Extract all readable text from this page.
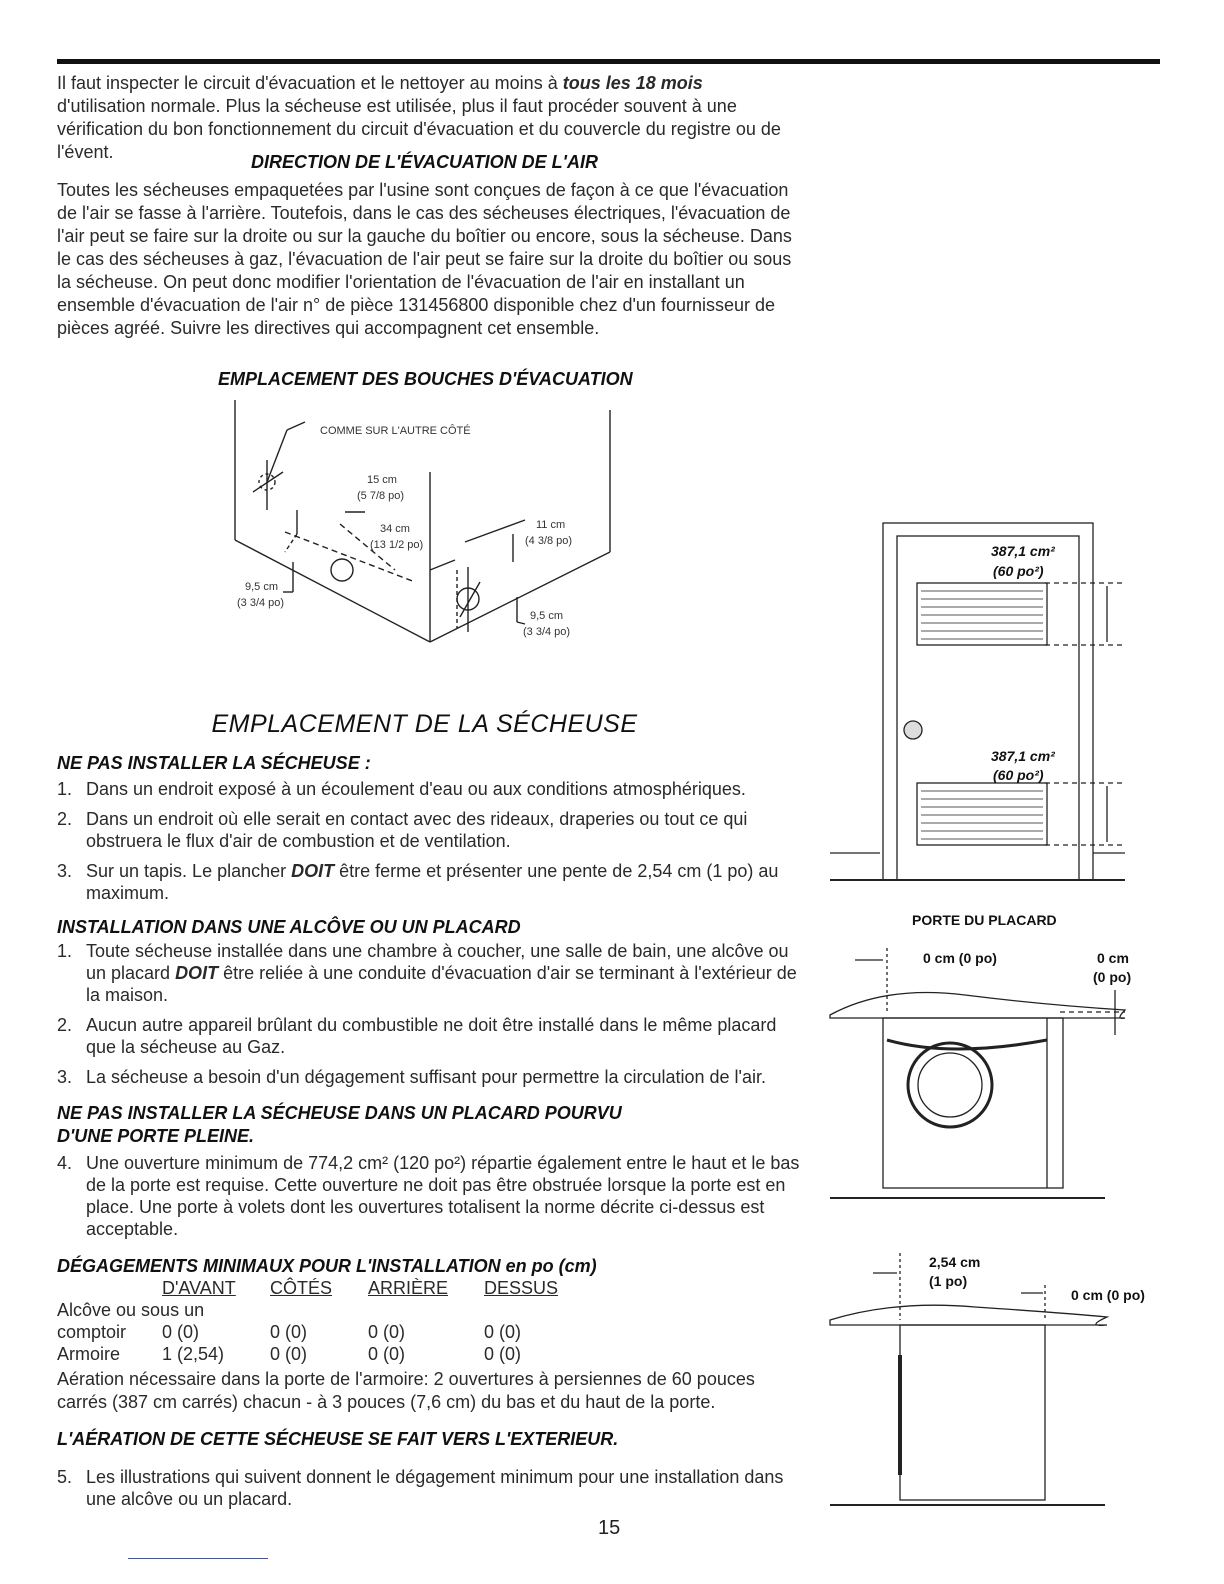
Il faut inspecter le circuit d'évacuation et le nettoyer au moins à tous les 18 mois d'utilisation normale. Plus la sécheuse est utilisée, plus il faut procéder souvent à une vérification du bon fonctionnement du circuit d'évacuation et du couvercle du registre ou de l'évent.	DIRECTION DE L'ÉVACUATION DE L'AIR
Toutes les sécheuses empaquetées par l'usine sont conçues de façon à ce que l'évacuation de l'air se fasse à l'arrière. Toutefois, dans le cas des sécheuses électriques, l'évacuation de l'air peut se faire sur la droite ou sur la gauche du boîtier ou encore, sous la sécheuse. Dans le cas des sécheuses à gaz, l'évacuation de l'air peut se faire sur la droite du boîtier ou sous la sécheuse. On peut donc modifier l'orientation de l'évacuation de l'air en installant un ensemble d'évacuation de l'air n° de pièce 131456800 disponible chez d'un fournisseur de pièces agréé. Suivre les directives qui accompagnent cet ensemble.
EMPLACEMENT DES BOUCHES D'ÉVACUATION
COMME SUR L'AUTRE CÔTÉ
15 cm
(5 7/8 po)
34 cm
(13 1/2 po)
11 cm
(4 3/8 po)
9,5 cm
(3 3/4 po)
9,5 cm
(3 3/4 po)
EMPLACEMENT DE LA SÉCHEUSE
NE PAS INSTALLER LA SÉCHEUSE :
1. Dans un endroit exposé à un écoulement d'eau ou aux conditions atmosphériques.
2. Dans un endroit où elle serait en contact avec des rideaux, draperies ou tout ce qui obstruera le flux d'air de combustion et de ventilation.
3. Sur un tapis. Le plancher DOIT être ferme et présenter une pente de 2,54 cm (1 po) au maximum.
INSTALLATION DANS UNE ALCÔVE OU UN PLACARD
1. Toute sécheuse installée dans une chambre à coucher, une salle de bain, une alcôve ou un placard DOIT être reliée à une conduite d'évacuation d'air se terminant à l'extérieur de la maison.
2. Aucun autre appareil brûlant du combustible ne doit être installé dans le même placard que la sécheuse au Gaz.
3. La sécheuse a besoin d'un dégagement suffisant pour permettre la circulation de l'air.
NE PAS INSTALLER LA SÉCHEUSE DANS UN PLACARD POURVU
D'UNE PORTE PLEINE.
4. Une ouverture minimum de 774,2 cm² (120 po²) répartie également entre le haut et le bas de la porte est requise. Cette ouverture ne doit pas être obstruée lorsque la porte est en place. Une porte à volets dont les ouvertures totalisent la norme décrite ci-dessus est acceptable.
DÉGAGEMENTS MINIMAUX POUR L'INSTALLATION en po (cm)
	D'AVANT	CÔTÉS	ARRIÈRE	DESSUS
Alcôve ou sous un				
comptoir	0 (0)	0 (0)	0 (0)	0 (0)
Armoire	1 (2,54)	0 (0)	0 (0)	0 (0)
Aération nécessaire dans la porte de l'armoire: 2 ouvertures à persiennes de 60 pouces carrés (387 cm carrés) chacun - à 3 pouces (7,6 cm) du bas et du haut de la porte.
L'AÉRATION DE CETTE SÉCHEUSE SE FAIT VERS L'EXTERIEUR.
5. Les illustrations qui suivent donnent le dégagement minimum pour une installation dans une alcôve ou un placard.
387,1 cm²
(60 po²)
387,1 cm²
(60 po²)
PORTE DU PLACARD
0 cm (0 po)	0 cm
(0 po)
2,54 cm
(1 po)
0 cm (0 po)
15
